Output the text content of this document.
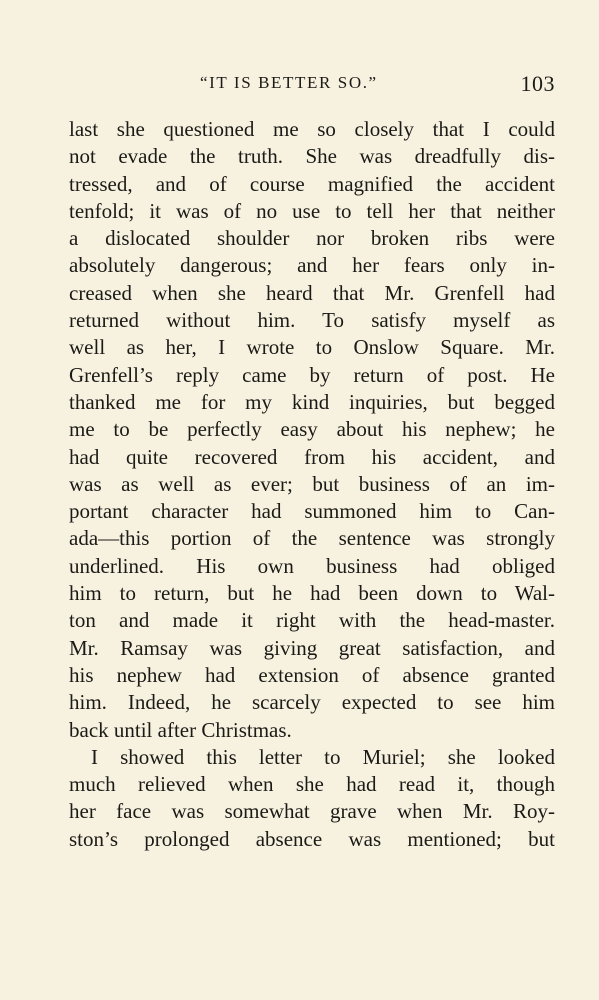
“IT IS BETTER SO.”	103
last she questioned me so closely that I could
not evade the truth. She was dreadfully dis-
tressed, and of course magnified the accident
tenfold; it was of no use to tell her that neither
a dislocated shoulder nor broken ribs were
absolutely dangerous; and her fears only in-
creased when she heard that Mr. Grenfell had
returned without him. To satisfy myself as
well as her, I wrote to Onslow Square. Mr.
Grenfell’s reply came by return of post. He
thanked me for my kind inquiries, but begged
me to be perfectly easy about his nephew; he
had quite recovered from his accident, and
was as well as ever; but business of an im-
portant character had summoned him to Can-
ada—this portion of the sentence was strongly
underlined. His own business had obliged
him to return, but he had been down to Wal-
ton and made it right with the head-master.
Mr. Ramsay was giving great satisfaction, and
his nephew had extension of absence granted
him. Indeed, he scarcely expected to see him
back until after Christmas.
I showed this letter to Muriel; she looked
much relieved when she had read it, though
her face was somewhat grave when Mr. Roy-
ston’s prolonged absence was mentioned; but
